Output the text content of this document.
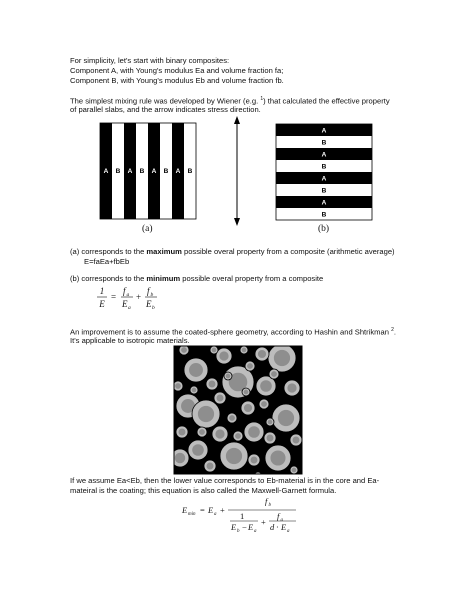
For simplicity, let's start with binary composites:
Component A, with Young's modulus Ea and volume fraction fa;
Component B, with Young's modulus Eb and volume fraction fb.
The simplest mixing rule was developed by Wiener (e.g. $^1$) that calculated the effective property
of parallel slabs, and the arrow indicates stress direction.
A B A B A B A B
A
B
A
B
A
B
A
B
(a)	(b)
(a) corresponds to the maximum possible overal property from a composite (arithmetic average)
E=faEa+fbEb
(b) corresponds to the minimum possible overal property from a composite
1
E
=
f a
E a
+
f b
E b
An improvement is to assume the coated-sphere geometry, according to Hashin and Shtrikman $^2$.
It's applicable to isotropic materials.
If we assume Ea<Eb, then the lower value corresponds to Eb-material is in the core and Ea-
mateiral is the coating; this equation is also called the Maxwell-Garnett formula.
E min = E a +
f b
1
E b − E a
+
f a
d · E a
